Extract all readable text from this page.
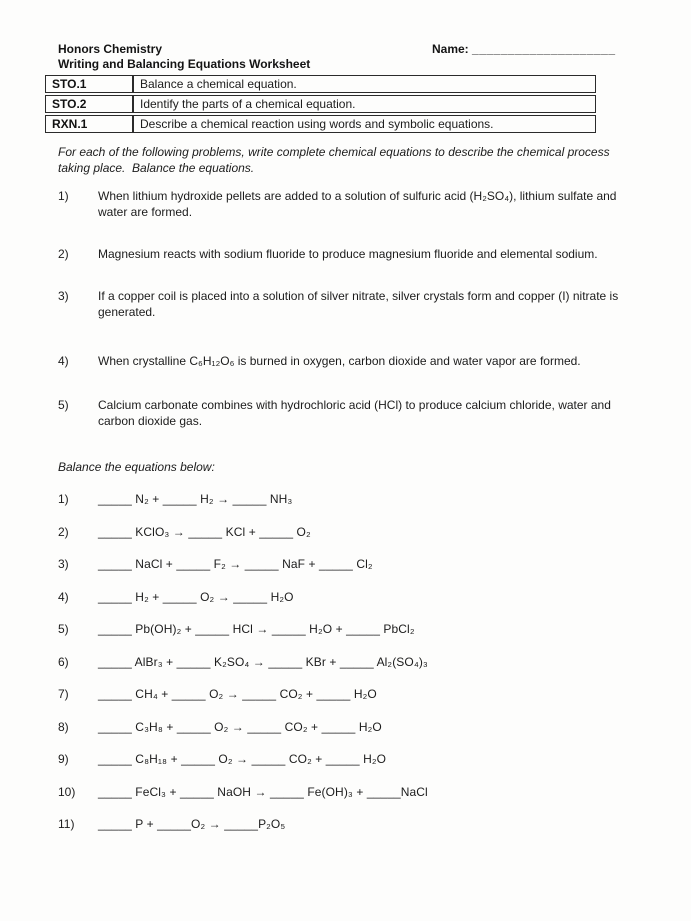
Honors Chemistry
Writing and Balancing Equations Worksheet
Name: ____________________
STO.1	Balance a chemical equation.
STO.2	Identify the parts of a chemical equation.
RXN.1	Describe a chemical reaction using words and symbolic equations.
For each of the following problems, write complete chemical equations to describe the chemical process taking place.  Balance the equations.
1)	When lithium hydroxide pellets are added to a solution of sulfuric acid (H₂SO₄), lithium sulfate and water are formed.
2)	Magnesium reacts with sodium fluoride to produce magnesium fluoride and elemental sodium.
3)	If a copper coil is placed into a solution of silver nitrate, silver crystals form and copper (I) nitrate is generated.
4)	When crystalline C₆H₁₂O₆ is burned in oxygen, carbon dioxide and water vapor are formed.
5)	Calcium carbonate combines with hydrochloric acid (HCl) to produce calcium chloride, water and carbon dioxide gas.
Balance the equations below:
1)	_____ N₂ + _____ H₂ → _____ NH₃
2)	_____ KClO₃ → _____ KCl + _____ O₂
3)	_____ NaCl + _____ F₂ → _____ NaF + _____ Cl₂
4)	_____ H₂ + _____ O₂ → _____ H₂O
5)	_____ Pb(OH)₂ + _____ HCl → _____ H₂O + _____ PbCl₂
6)	_____ AlBr₃ + _____ K₂SO₄ → _____ KBr + _____ Al₂(SO₄)₃
7)	_____ CH₄ + _____ O₂ → _____ CO₂ + _____ H₂O
8)	_____ C₃H₈ + _____ O₂ → _____ CO₂ + _____ H₂O
9)	_____ C₈H₁₈ + _____ O₂ → _____ CO₂ + _____ H₂O
10)	_____ FeCl₃ + _____ NaOH → _____ Fe(OH)₃ + _____NaCl
11)	_____ P + _____O₂ → _____P₂O₅
